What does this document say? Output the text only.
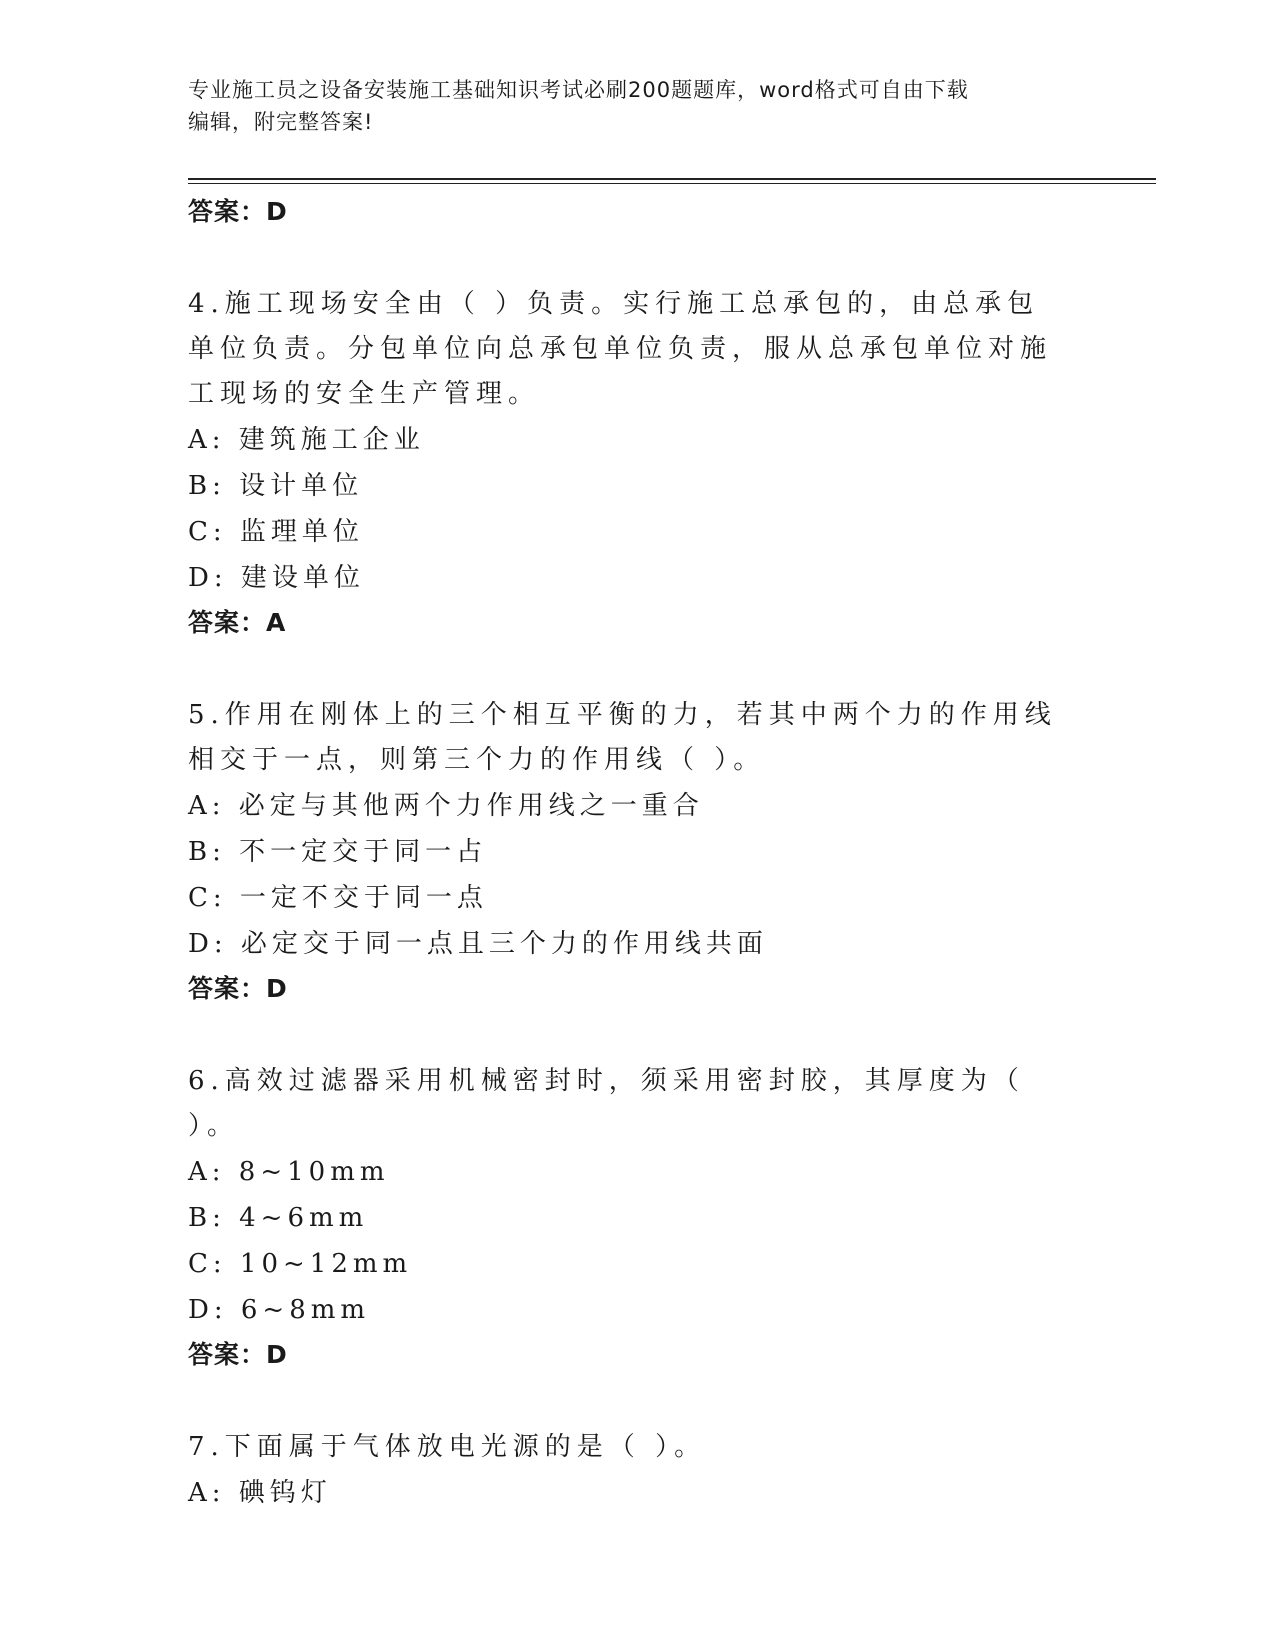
专业施工员之设备安装施工基础知识考试必刷200题题库，word格式可自由下载
编辑，附完整答案!
答案：D
4.施工现场安全由（ ）负责。实行施工总承包的，由总承包单位负责。分包单位向总承包单位负责，服从总承包单位对施工现场的安全生产管理。
A: 建筑施工企业
B: 设计单位
C: 监理单位
D: 建设单位
答案：A
5.作用在刚体上的三个相互平衡的力，若其中两个力的作用线相交于一点，则第三个力的作用线（ ）。
A: 必定与其他两个力作用线之一重合
B: 不一定交于同一占
C: 一定不交于同一点
D: 必定交于同一点且三个力的作用线共面
答案：D
6.高效过滤器采用机械密封时，须采用密封胶，其厚度为（ ）。
A: 8~10mm
B: 4~6mm
C: 10~12mm
D: 6~8mm
答案：D
7.下面属于气体放电光源的是（ ）。
A: 碘钨灯
